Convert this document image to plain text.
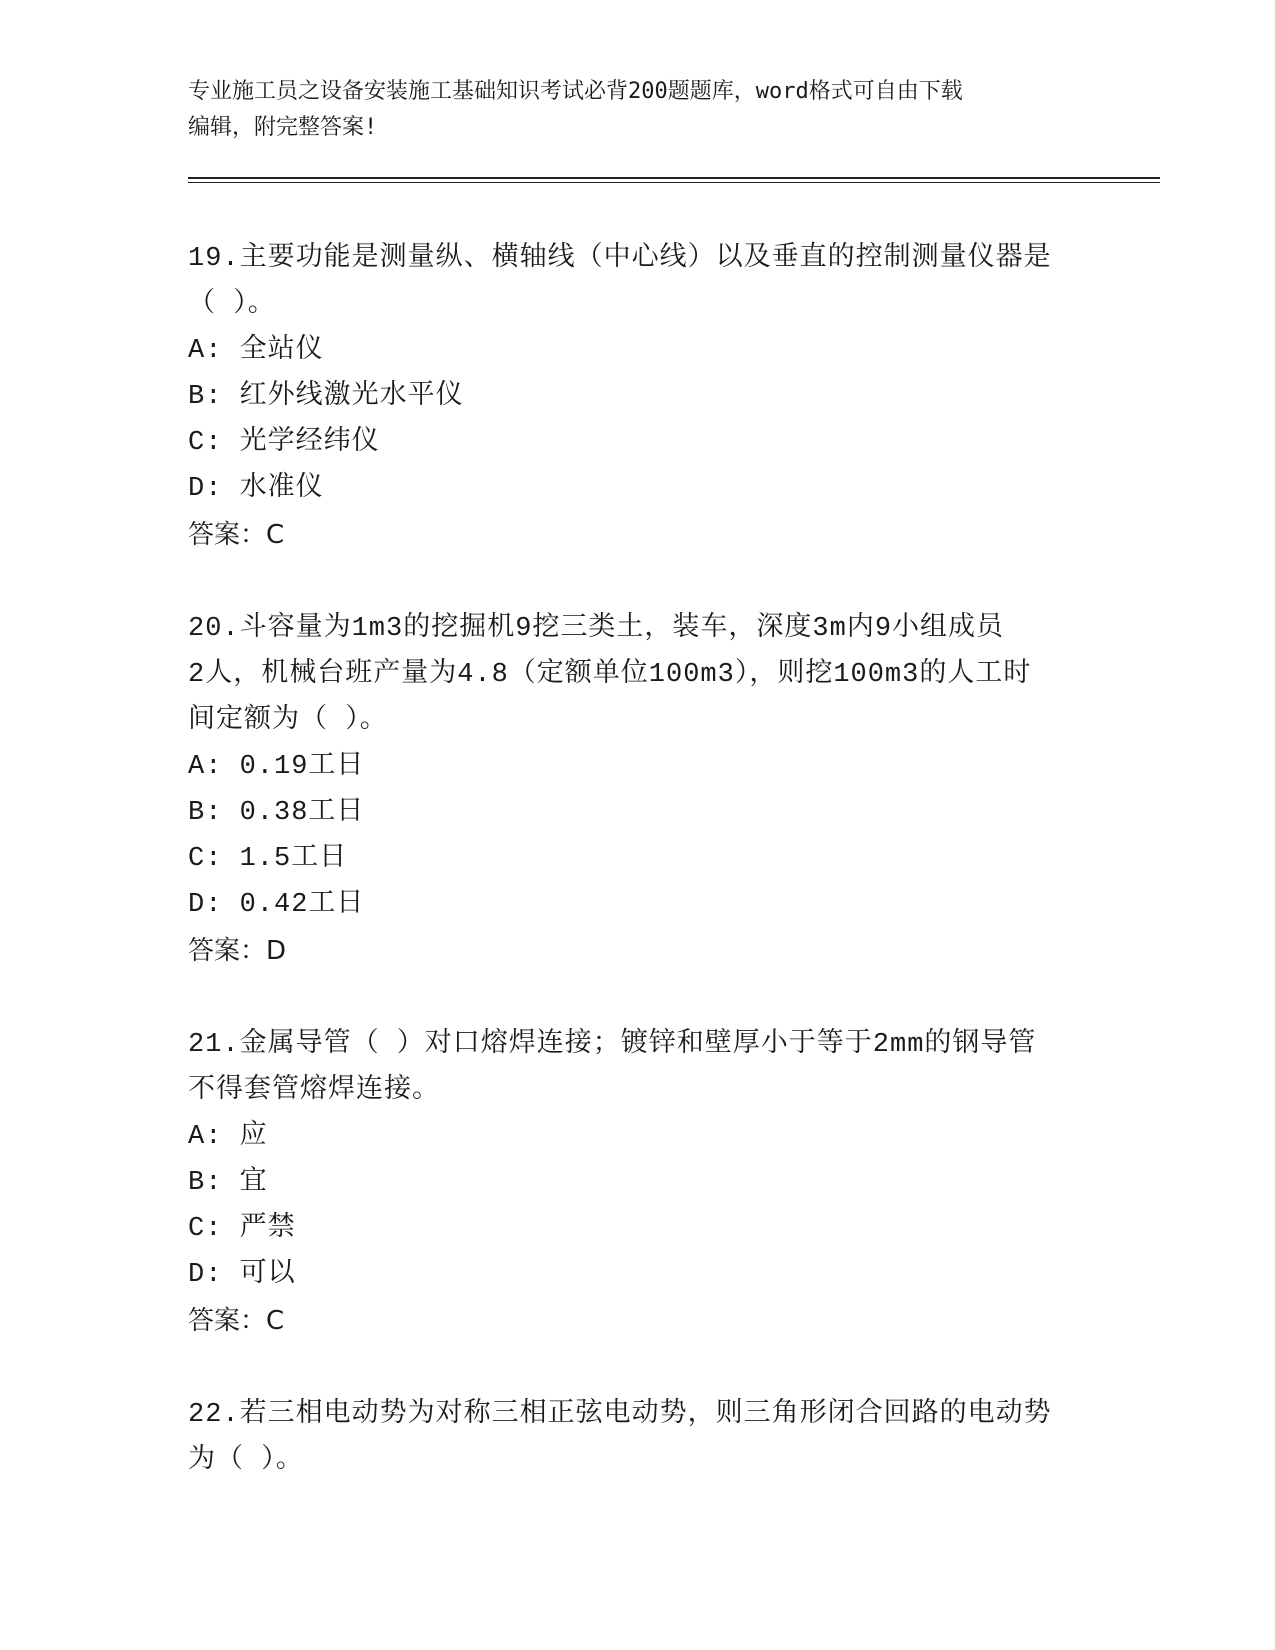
专业施工员之设备安装施工基础知识考试必背200题题库，word格式可自由下载
编辑，附完整答案!

19.主要功能是测量纵、横轴线（中心线）以及垂直的控制测量仪器是

（ ）。

A: 全站仪

B: 红外线激光水平仪

C: 光学经纬仪

D: 水准仪

答案：C

20.斗容量为1m3的挖掘机9挖三类土，装车，深度3m内9小组成员

2人，机械台班产量为4.8（定额单位100m3），则挖100m3的人工时

间定额为（ ）。

A: 0.19工日

B: 0.38工日

C: 1.5工日

D: 0.42工日

答案：D

21.金属导管（ ）对口熔焊连接；镀锌和壁厚小于等于2mm的钢导管

不得套管熔焊连接。

A: 应

B: 宜

C: 严禁

D: 可以

答案：C

22.若三相电动势为对称三相正弦电动势，则三角形闭合回路的电动势

为（ ）。
